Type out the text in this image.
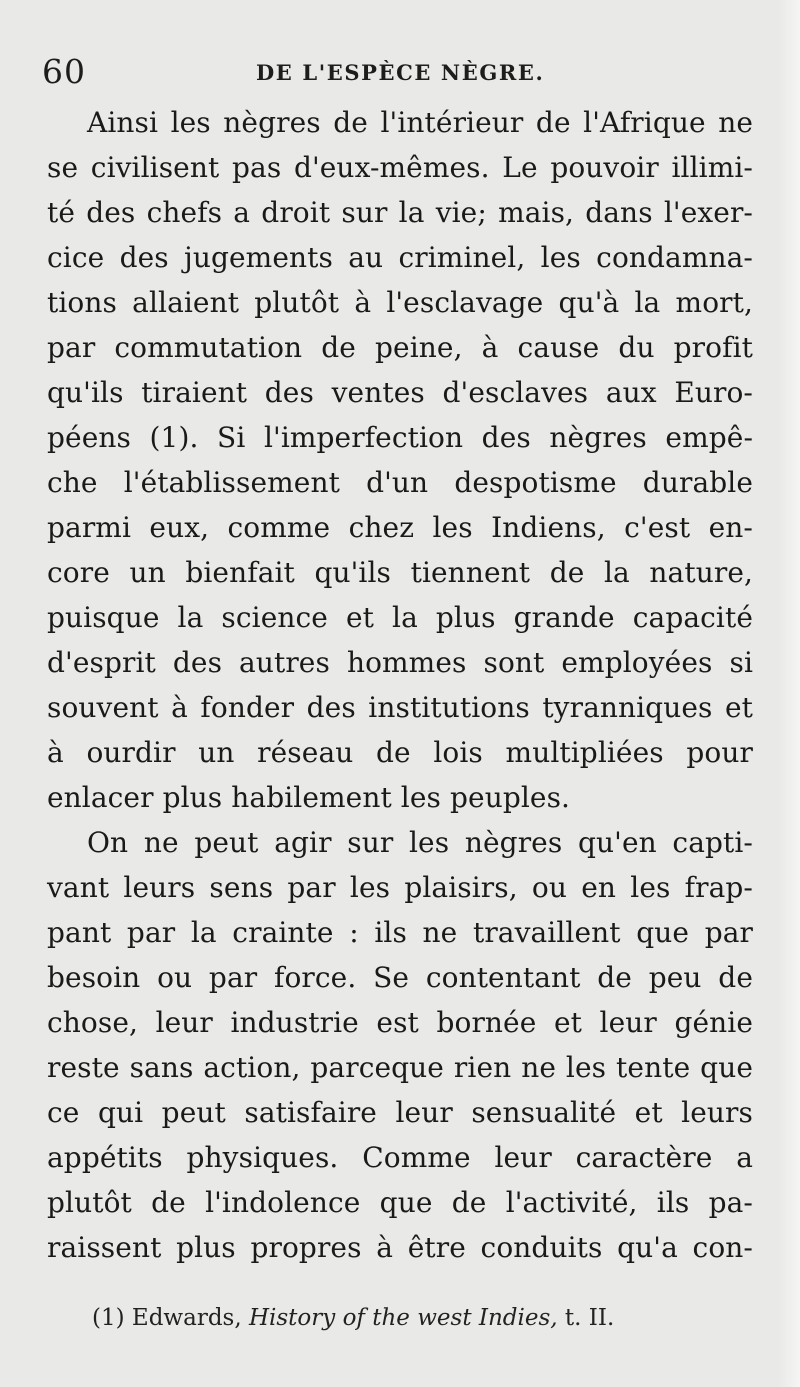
60	DE L'ESPÈCE NÈGRE.
Ainsi les nègres de l'intérieur de l'Afrique ne
se civilisent pas d'eux-mêmes. Le pouvoir illimi-
té des chefs a droit sur la vie; mais, dans l'exer-
cice des jugements au criminel, les condamna-
tions allaient plutôt à l'esclavage qu'à la mort,
par commutation de peine, à cause du profit
qu'ils tiraient des ventes d'esclaves aux Euro-
péens (1). Si l'imperfection des nègres empê-
che l'établissement d'un despotisme durable
parmi eux, comme chez les Indiens, c'est en-
core un bienfait qu'ils tiennent de la nature,
puisque la science et la plus grande capacité
d'esprit des autres hommes sont employées si
souvent à fonder des institutions tyranniques et
à ourdir un réseau de lois multipliées pour
enlacer plus habilement les peuples.
On ne peut agir sur les nègres qu'en capti-
vant leurs sens par les plaisirs, ou en les frap-
pant par la crainte : ils ne travaillent que par
besoin ou par force. Se contentant de peu de
chose, leur industrie est bornée et leur génie
reste sans action, parceque rien ne les tente que
ce qui peut satisfaire leur sensualité et leurs
appétits physiques. Comme leur caractère a
plutôt de l'indolence que de l'activité, ils pa-
raissent plus propres à être conduits qu'a con-
(1) Edwards, History of the west Indies, t. II.
